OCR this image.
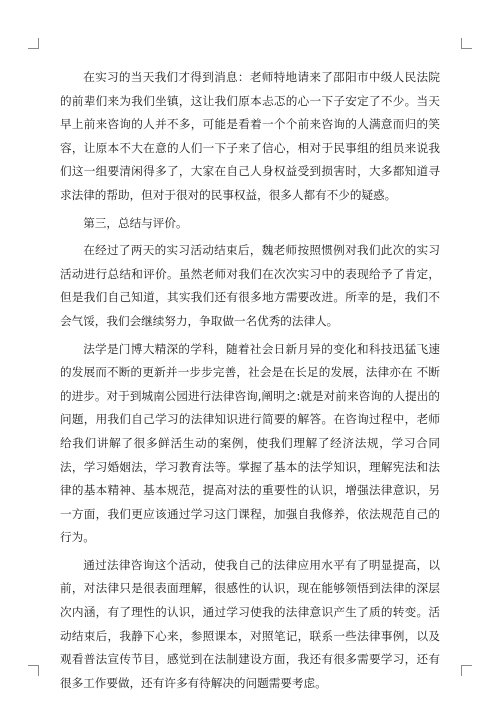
在实习的当天我们才得到消息：老师特地请来了邵阳市中级人民法院的前辈们来为我们坐镇，这让我们原本忐忑的心一下子安定了不少。当天早上前来咨询的人并不多，可能是看着一个个前来咨询的人满意而归的笑容，让原本不大在意的人们一下子来了信心，相对于民事组的组员来说我们这一组要清闲得多了，大家在自己人身权益受到损害时，大多都知道寻求法律的帮助，但对于很对的民事权益，很多人都有不少的疑惑。

第三，总结与评价。

在经过了两天的实习活动结束后，魏老师按照惯例对我们此次的实习活动进行总结和评价。虽然老师对我们在次次实习中的表现给予了肯定，但是我们自己知道，其实我们还有很多地方需要改进。所幸的是，我们不会气馁，我们会继续努力，争取做一名优秀的法律人。

法学是门博大精深的学科，随着社会日新月异的变化和科技迅猛飞速的发展而不断的更新并一步步完善，社会是在长足的发展，法律亦在 不断的进步。对于到城南公园进行法律咨询,阐明之:就是对前来咨询的人提出的问题，用我们自己学习的法律知识进行简要的解答。在咨询过程中，老师给我们讲解了很多鲜活生动的案例，使我们理解了经济法规，学习合同法，学习婚姻法，学习教育法等。掌握了基本的法学知识，理解宪法和法律的基本精神、基本规范，提高对法的重要性的认识，增强法律意识，另一方面，我们更应该通过学习这门课程，加强自我修养，依法规范自己的行为。

通过法律咨询这个活动，使我自己的法律应用水平有了明显提高，以前，对法律只是很表面理解，很感性的认识，现在能够领悟到法律的深层次内涵，有了理性的认识，通过学习使我的法律意识产生了质的转变。活动结束后，我静下心来，参照课本，对照笔记，联系一些法律事例，以及观看普法宣传节目，感觉到在法制建设方面，我还有很多需要学习，还有很多工作要做，还有许多有待解决的问题需要考虑。
